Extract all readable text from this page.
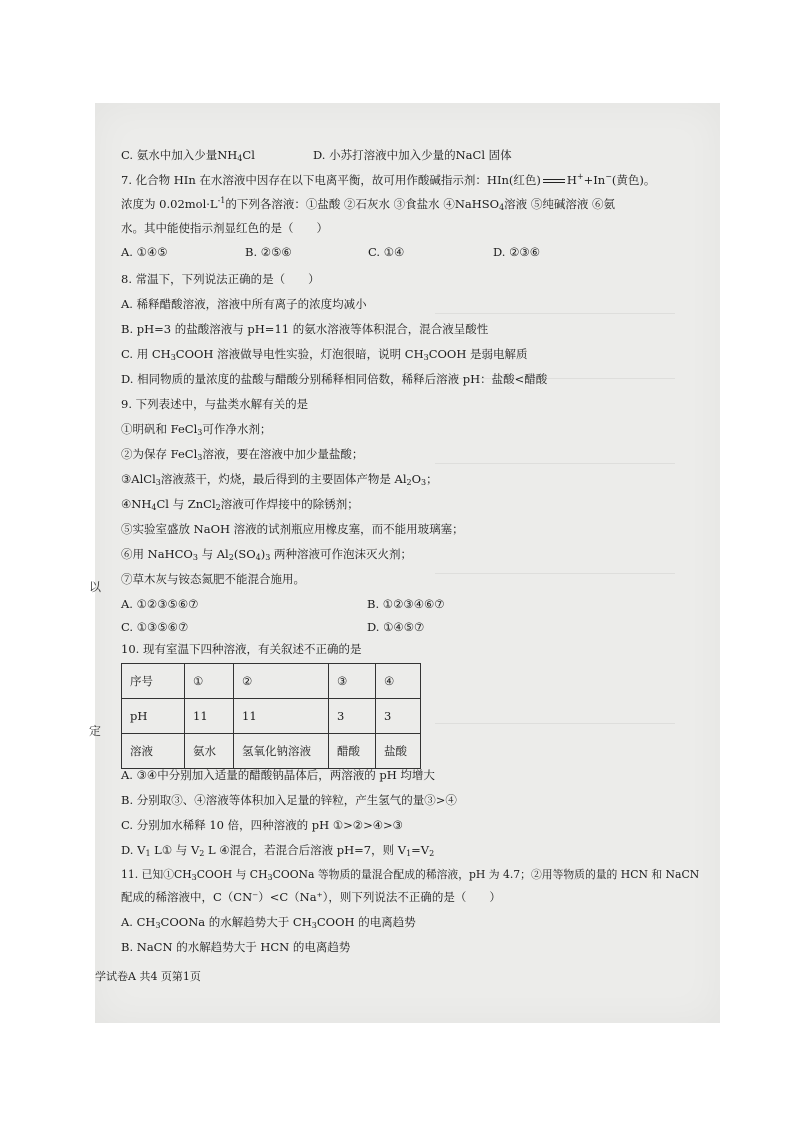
C. 氨水中加入少量$NH_4Cl$	D. 小苏打溶液中加入少量的NaCl 固体
7. 化合物 HIn 在水溶液中因存在以下电离平衡，故可用作酸碱指示剂：HIn(红色) H++In−(黄色)。
浓度为 $0.02mol\cdot L^{-1}$的下列各溶液：①盐酸 ②石灰水 ③食盐水 ④NaHSO$_4$溶液 ⑤纯碱溶液 ⑥氨
水。其中能使指示剂显红色的是（　　）
A. ①④⑤	B. ②⑤⑥	C. ①④	D. ②③⑥
8. 常温下，下列说法正确的是（　　）
A. 稀释醋酸溶液，溶液中所有离子的浓度均减小
B. pH=3 的盐酸溶液与 pH=11 的氨水溶液等体积混合，混合液呈酸性
C. 用 $CH_3COOH$ 溶液做导电性实验，灯泡很暗，说明 $CH_3COOH$ 是弱电解质
D. 相同物质的量浓度的盐酸与醋酸分别稀释相同倍数，稀释后溶液 pH：盐酸<醋酸
9. 下列表述中，与盐类水解有关的是
①明矾和 FeCl$_3$可作净水剂；
②为保存 FeCl$_3$溶液，要在溶液中加少量盐酸；
③AlCl$_3$溶液蒸干，灼烧，最后得到的主要固体产物是 $Al_2O_3$；
$④NH_4Cl$ 与 ZnCl$_2$溶液可作焊接中的除锈剂；
⑤实验室盛放 NaOH 溶液的试剂瓶应用橡皮塞，而不能用玻璃塞；
⑥用 NaHCO$_3$ 与 $Al_2(SO_4)_3$ 两种溶液可作泡沫灭火剂；
⑦草木灰与铵态氮肥不能混合施用。
A. ①②③⑤⑥⑦	B. ①②③④⑥⑦
C. ①③⑤⑥⑦	D. ①④⑤⑦
10. 现有室温下四种溶液，有关叙述不正确的是
序号	①	②	③	④
pH	11	11	3	3
溶液	氨水	氢氧化钠溶液	醋酸	盐酸
A. ③④中分别加入适量的醋酸钠晶体后，两溶液的 pH 均增大
B. 分别取③、④溶液等体积加入足量的锌粒，产生氢气的量③>④
C. 分别加水稀释 10 倍，四种溶液的 pH ①>②>④>③
D. $V_1$ L① 与 $V_2$ L ④混合，若混合后溶液 pH=7，则 $V_1=V_2$
11. 已知$①CH_3COOH$ 与 $CH_3COONa$ 等物质的量混合配成的稀溶液，pH 为 4.7；②用等物质的量的 HCN 和 NaCN
配成的稀溶液中，C（CN⁻）<C（Na⁺），则下列说法不正确的是（　　）
A. $CH_3COONa$ 的水解趋势大于 $CH_3COOH$ 的电离趋势
B. NaCN 的水解趋势大于 HCN 的电离趋势
学试卷A 共4 页第1页
以
定
